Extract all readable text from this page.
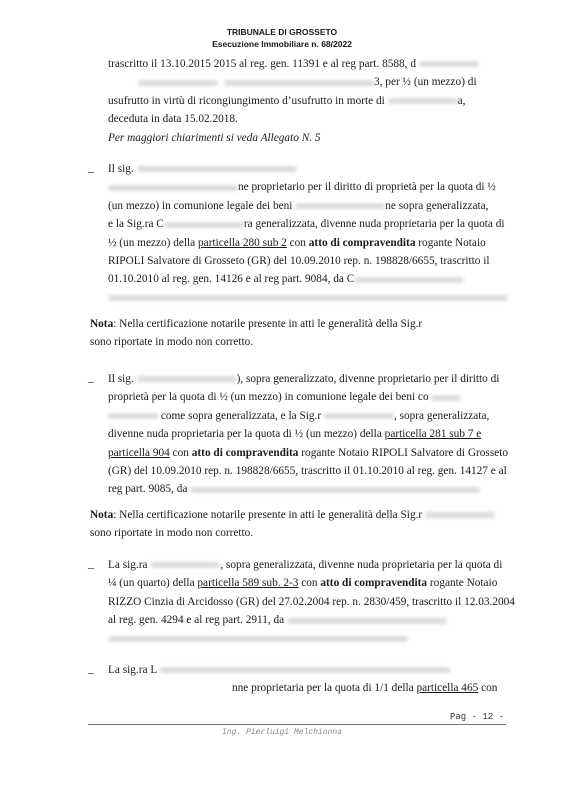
TRIBUNALE DI GROSSETO
Esecuzione Immobiliare n. 68/2022
trascritto il 13.10.2015 2015 al reg. gen. 11391 e al reg part. 8588, d
3, per ½ (un mezzo) di
usufrutto in virtù di ricongiungimento d’usufrutto in morte di	a,
deceduta in data 15.02.2018.
Per maggiori chiarimenti si veda Allegato N. 5
– Il sig.
ne proprietario per il diritto di proprietà per la quota di ½
(un mezzo) in comunione legale dei beni	ne sopra generalizzata,
e la Sig.ra C	ra generalizzata, divenne nuda proprietaria per la quota di
½ (un mezzo) della particella 280 sub 2 con atto di compravendita rogante Notaio
RIPOLI Salvatore di Grosseto (GR) del 10.09.2010 rep. n. 198828/6655, trascritto il
01.10.2010 al reg. gen. 14126 e al reg part. 9084, da C
Nota: Nella certificazione notarile presente in atti le generalità della Sig.r
sono riportate in modo non corretto.
– Il sig.	), sopra generalizzato, divenne proprietario per il diritto di
proprietà per la quota di ½ (un mezzo) in comunione legale dei beni co
come sopra generalizzata, e la Sig.r	, sopra generalizzata,
divenne nuda proprietaria per la quota di ½ (un mezzo) della particella 281 sub 7 e
particella 904 con atto di compravendita rogante Notaio RIPOLI Salvatore di Grosseto
(GR) del 10.09.2010 rep. n. 198828/6655, trascritto il 01.10.2010 al reg. gen. 14127 e al
reg part. 9085, da
Nota: Nella certificazione notarile presente in atti le generalità della Sig.r
sono riportate in modo non corretto.
– La sig.ra	, sopra generalizzata, divenne nuda proprietaria per la quota di
¼ (un quarto) della particella 589 sub. 2-3 con atto di compravendita rogante Notaio
RIZZO Cinzia di Arcidosso (GR) del 27.02.2004 rep. n. 2830/459, trascritto il 12.03.2004
al reg. gen. 4294 e al reg part. 2911, da
– La sig.ra L
nne proprietaria per la quota di 1/1 della particella 465 con
Pag - 12 -
Ing. Pierluigi Melchionna
